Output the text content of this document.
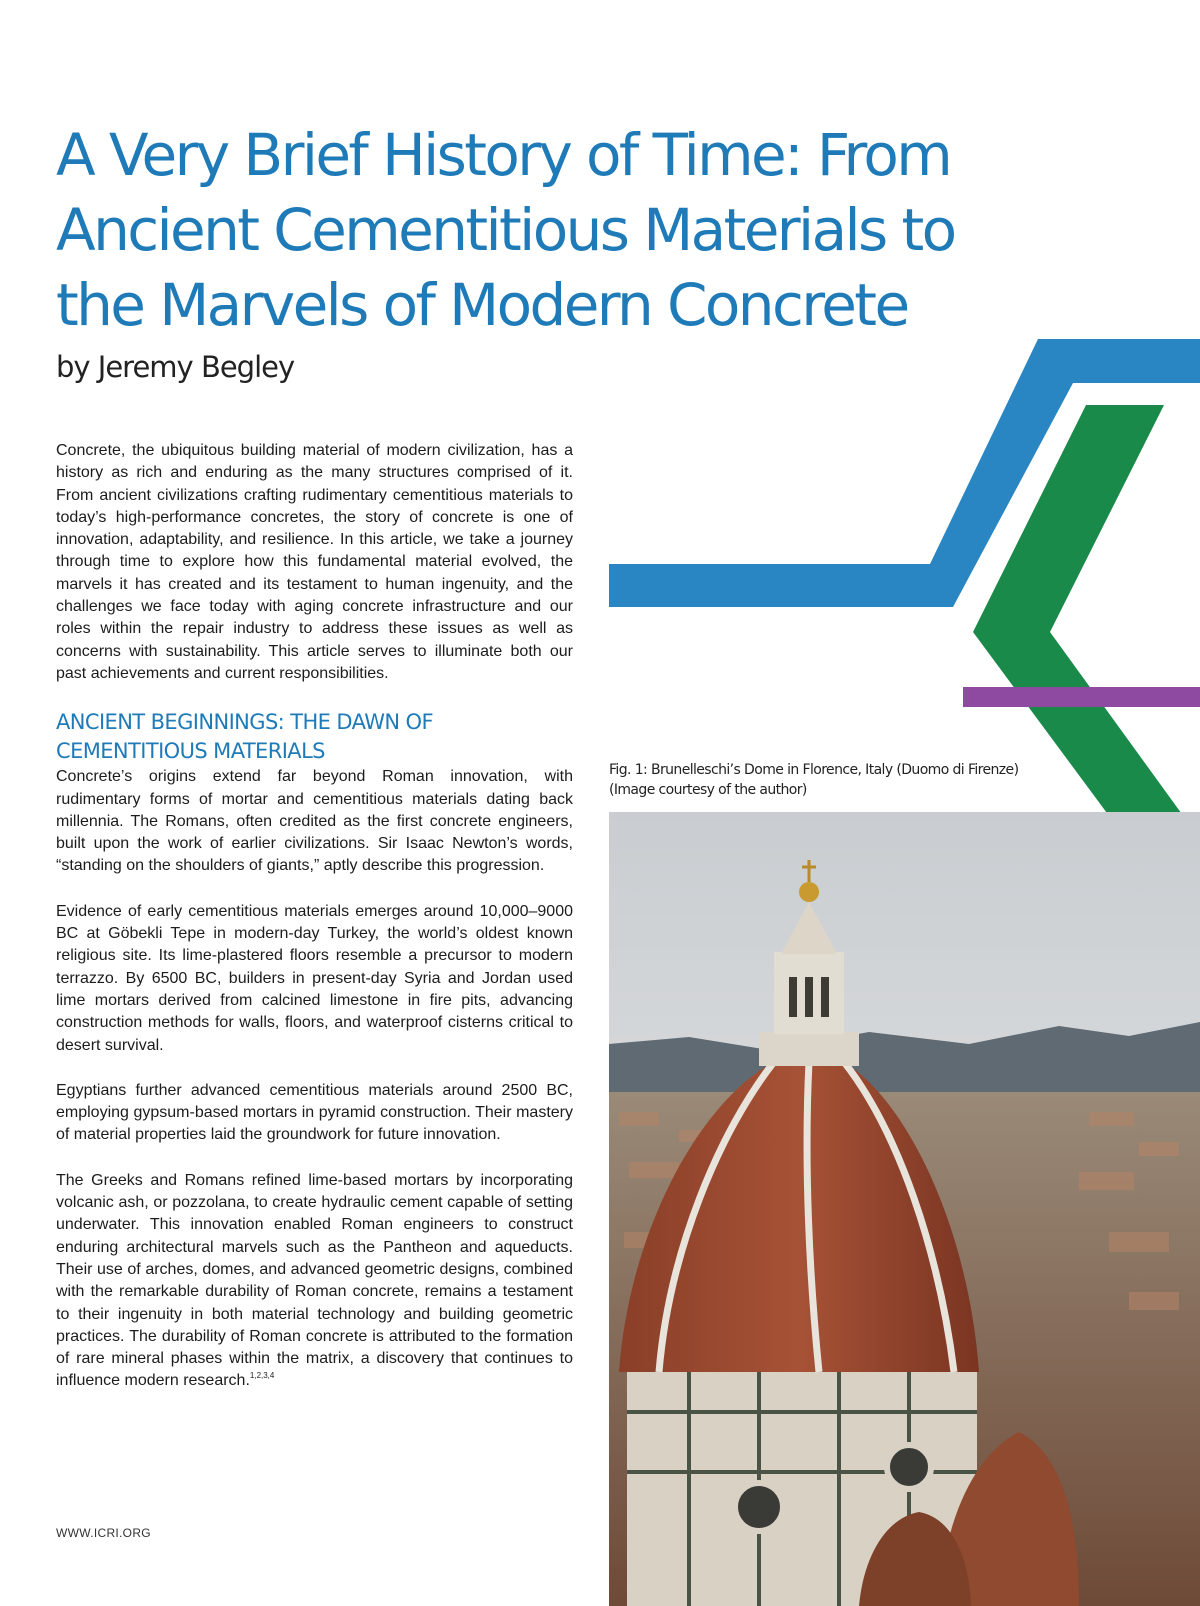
A Very Brief History of Time: From
Ancient Cementitious Materials to
the Marvels of Modern Concrete

by Jeremy Begley

Concrete, the ubiquitous building material of modern civilization, has a history as rich and enduring as the many structures comprised of it. From ancient civilizations crafting rudimentary cementitious materials to today’s high-performance concretes, the story of concrete is one of innovation, adaptability, and resilience. In this article, we take a journey through time to explore how this fundamental material evolved, the marvels it has created and its testament to human ingenuity, and the challenges we face today with aging concrete infrastructure and our roles within the repair industry to address these issues as well as concerns with sustainability. This article serves to illuminate both our past achievements and current responsibilities.

ANCIENT BEGINNINGS: THE DAWN OF CEMENTITIOUS MATERIALS

Concrete’s origins extend far beyond Roman innovation, with rudimentary forms of mortar and cementitious materials dating back millennia. The Romans, often credited as the first concrete engineers, built upon the work of earlier civilizations. Sir Isaac Newton’s words, “standing on the shoulders of giants,” aptly describe this progression.

Evidence of early cementitious materials emerges around 10,000–9000 BC at Göbekli Tepe in modern-day Turkey, the world’s oldest known religious site. Its lime-plastered floors resemble a precursor to modern terrazzo. By 6500 BC, builders in present-day Syria and Jordan used lime mortars derived from calcined limestone in fire pits, advancing construction methods for walls, floors, and waterproof cisterns critical to desert survival.

Egyptians further advanced cementitious materials around 2500 BC, employing gypsum-based mortars in pyramid construction. Their mastery of material properties laid the groundwork for future innovation.

The Greeks and Romans refined lime-based mortars by incorporating volcanic ash, or pozzolana, to create hydraulic cement capable of setting underwater. This innovation enabled Roman engineers to construct enduring architectural marvels such as the Pantheon and aqueducts. Their use of arches, domes, and advanced geometric designs, combined with the remarkable durability of Roman concrete, remains a testament to their ingenuity in both material technology and building geometric practices. The durability of Roman concrete is attributed to the formation of rare mineral phases within the matrix, a discovery that continues to influence modern research.$^{1,2,3,4}$

WWW.ICRI.ORG

Fig. 1: Brunelleschi’s Dome in Florence, Italy (Duomo di Firenze)
(Image courtesy of the author)
